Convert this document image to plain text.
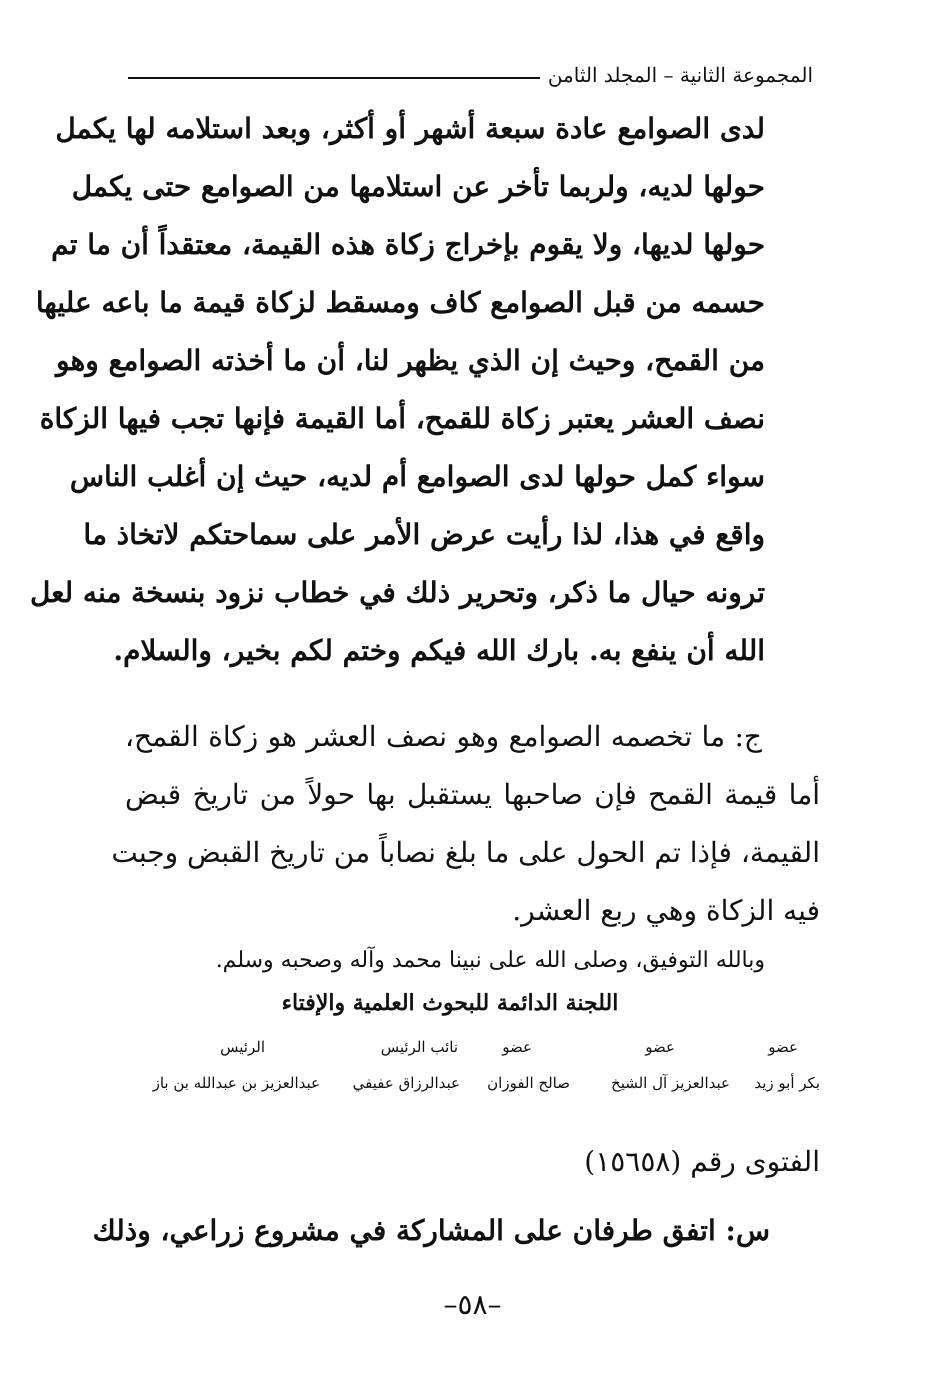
المجموعة الثانية – المجلد الثامن
لدى الصوامع عادة سبعة أشهر أو أكثر، وبعد استلامه لها يكمل
حولها لديه، ولربما تأخر عن استلامها من الصوامع حتى يكمل
حولها لديها، ولا يقوم بإخراج زكاة هذه القيمة، معتقداً أن ما تم
حسمه من قبل الصوامع كاف ومسقط لزكاة قيمة ما باعه عليها
من القمح، وحيث إن الذي يظهر لنا، أن ما أخذته الصوامع وهو
نصف العشر يعتبر زكاة للقمح، أما القيمة فإنها تجب فيها الزكاة
سواء كمل حولها لدى الصوامع أم لديه، حيث إن أغلب الناس
واقع في هذا، لذا رأيت عرض الأمر على سماحتكم لاتخاذ ما
ترونه حيال ما ذكر، وتحرير ذلك في خطاب نزود بنسخة منه لعل
الله أن ينفع به. بارك الله فيكم وختم لكم بخير، والسلام.
ج: ما تخصمه الصوامع وهو نصف العشر هو زكاة القمح،
أما قيمة القمح فإن صاحبها يستقبل بها حولاً من تاريخ قبض
القيمة، فإذا تم الحول على ما بلغ نصاباً من تاريخ القبض وجبت
فيه الزكاة وهي ربع العشر.
وبالله التوفيق، وصلى الله على نبينا محمد وآله وصحبه وسلم.
اللجنة الدائمة للبحوث العلمية والإفتاء
عضو
عضو
عضو
نائب الرئيس
الرئيس
بكر أبو زيد
عبدالعزيز آل الشيخ
صالح الفوزان
عبدالرزاق عفيفي
عبدالعزيز بن عبدالله بن باز
الفتوى رقم (١٥٦٥٨)
س: اتفق طرفان على المشاركة في مشروع زراعي، وذلك
–٥٨–
